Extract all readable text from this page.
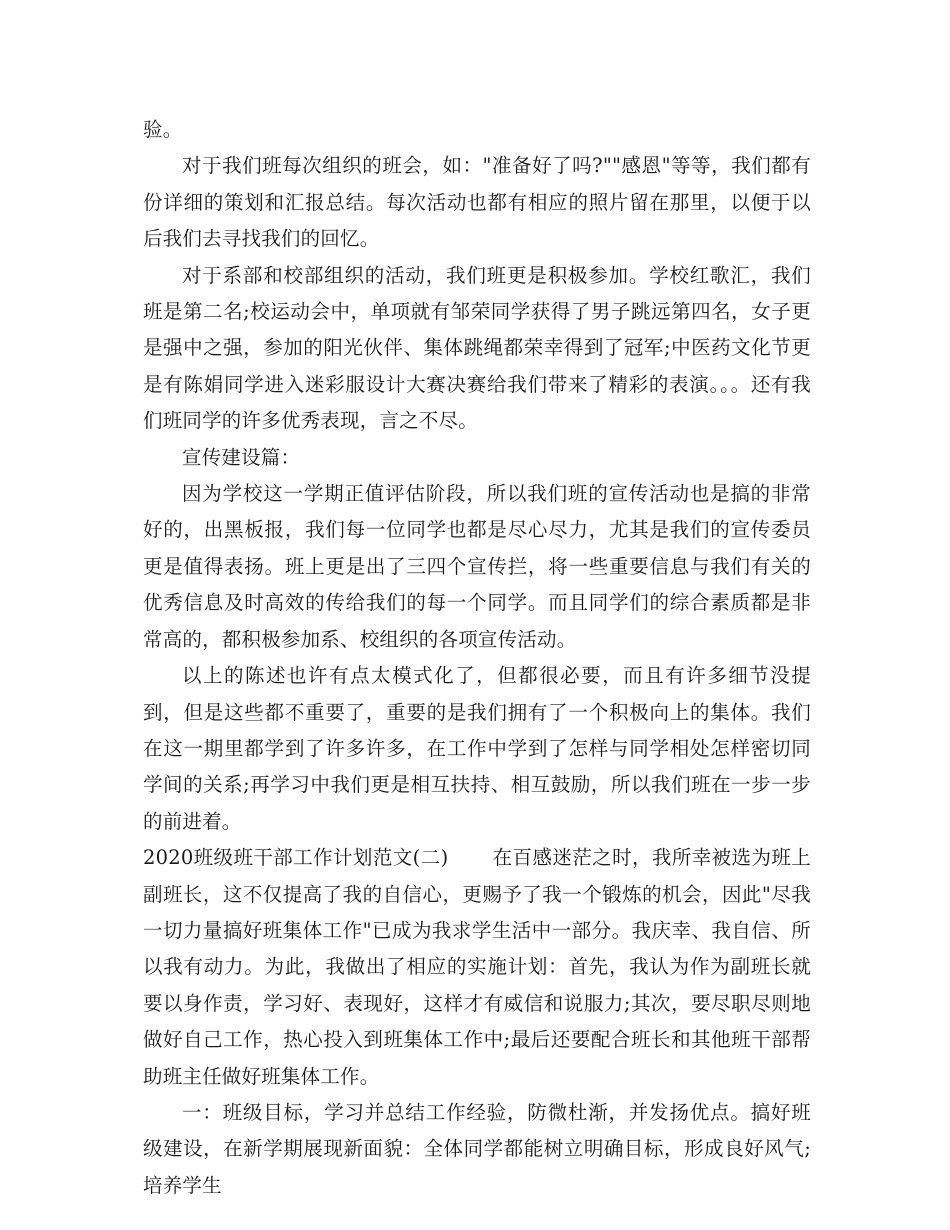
验。

对于我们班每次组织的班会，如："准备好了吗?""感恩"等等，我们都有份详细的策划和汇报总结。每次活动也都有相应的照片留在那里，以便于以后我们去寻找我们的回忆。

对于系部和校部组织的活动，我们班更是积极参加。学校红歌汇，我们班是第二名;校运动会中，单项就有邹荣同学获得了男子跳远第四名，女子更是强中之强，参加的阳光伙伴、集体跳绳都荣幸得到了冠军;中医药文化节更是有陈娟同学进入迷彩服设计大赛决赛给我们带来了精彩的表演。。。还有我们班同学的许多优秀表现，言之不尽。

宣传建设篇：

因为学校这一学期正值评估阶段，所以我们班的宣传活动也是搞的非常好的，出黑板报，我们每一位同学也都是尽心尽力，尤其是我们的宣传委员更是值得表扬。班上更是出了三四个宣传拦，将一些重要信息与我们有关的优秀信息及时高效的传给我们的每一个同学。而且同学们的综合素质都是非常高的，都积极参加系、校组织的各项宣传活动。

以上的陈述也许有点太模式化了，但都很必要，而且有许多细节没提到，但是这些都不重要了，重要的是我们拥有了一个积极向上的集体。我们在这一期里都学到了许多许多，在工作中学到了怎样与同学相处怎样密切同学间的关系;再学习中我们更是相互扶持、相互鼓励，所以我们班在一步一步的前进着。

2020班级班干部工作计划范文(二) 在百感迷茫之时，我所幸被选为班上副班长，这不仅提高了我的自信心，更赐予了我一个锻炼的机会，因此"尽我一切力量搞好班集体工作"已成为我求学生活中一部分。我庆幸、我自信、所以我有动力。为此，我做出了相应的实施计划：首先，我认为作为副班长就要以身作责，学习好、表现好，这样才有威信和说服力;其次，要尽职尽则地做好自己工作，热心投入到班集体工作中;最后还要配合班长和其他班干部帮助班主任做好班集体工作。

一：班级目标，学习并总结工作经验，防微杜渐，并发扬优点。搞好班级建设，在新学期展现新面貌：全体同学都能树立明确目标，形成良好风气;培养学生
